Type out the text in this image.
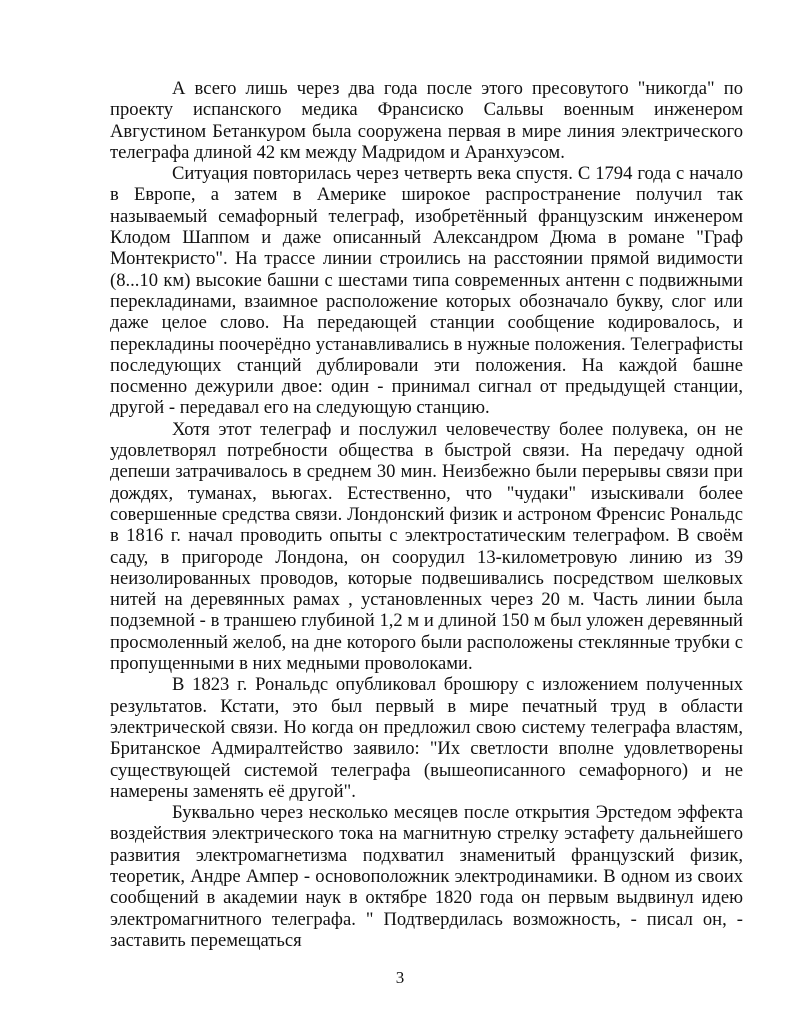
А всего лишь через два года после этого пресовутого "никогда" по проекту испанского медика Франсиско Сальвы военным инженером Августином Бетанкуром была сооружена первая в мире линия электрического телеграфа длиной 42 км между Мадридом и Аранхуэсом.

Ситуация повторилась через четверть века спустя. С 1794 года с начало в Европе, а затем в Америке широкое распространение получил так называемый семафорный телеграф, изобретённый французским инженером Клодом Шаппом и даже описанный Александром Дюма в романе "Граф Монтекристо". На трассе линии строились на расстоянии прямой видимости (8...10 км) высокие башни с шестами типа современных антенн с подвижными перекладинами, взаимное расположение которых обозначало букву, слог или даже целое слово. На передающей станции сообщение кодировалось, и перекладины поочерёдно устанавливались в нужные положения. Телеграфисты последующих станций дублировали эти положения. На каждой башне посменно дежурили двое: один - принимал сигнал от предыдущей станции, другой - передавал его на следующую станцию.

Хотя этот телеграф и послужил человечеству более полувека, он не удовлетворял потребности общества в быстрой связи. На передачу одной депеши затрачивалось в среднем 30 мин. Неизбежно были перерывы связи при дождях, туманах, вьюгах. Естественно, что "чудаки" изыскивали более совершенные средства связи. Лондонский физик и астроном Френсис Рональдс в 1816 г. начал проводить опыты с электростатическим телеграфом. В своём саду, в пригороде Лондона, он соорудил 13-километровую линию из 39 неизолированных проводов, которые подвешивались посредством шелковых нитей на деревянных рамах , установленных через 20 м. Часть линии была подземной - в траншею глубиной 1,2 м и длиной 150 м был уложен деревянный просмоленный желоб, на дне которого были расположены стеклянные трубки с пропущенными в них медными проволоками.

В 1823 г. Рональдс опубликовал брошюру с изложением полученных результатов. Кстати, это был первый в мире печатный труд в области электрической связи. Но когда он предложил свою систему телеграфа властям, Британское Адмиралтейство заявило: "Их светлости вполне удовлетворены существующей системой телеграфа (вышеописанного семафорного) и не намерены заменять её другой".

Буквально через несколько месяцев после открытия Эрстедом эффекта воздействия электрического тока на магнитную стрелку эстафету дальнейшего развития электромагнетизма подхватил знаменитый французский физик, теоретик, Андре Ампер - основоположник электродинамики. В одном из своих сообщений в академии наук в октябре 1820 года он первым выдвинул идею электромагнитного телеграфа. " Подтвердилась возможность, - писал он, - заставить перемещаться

3
